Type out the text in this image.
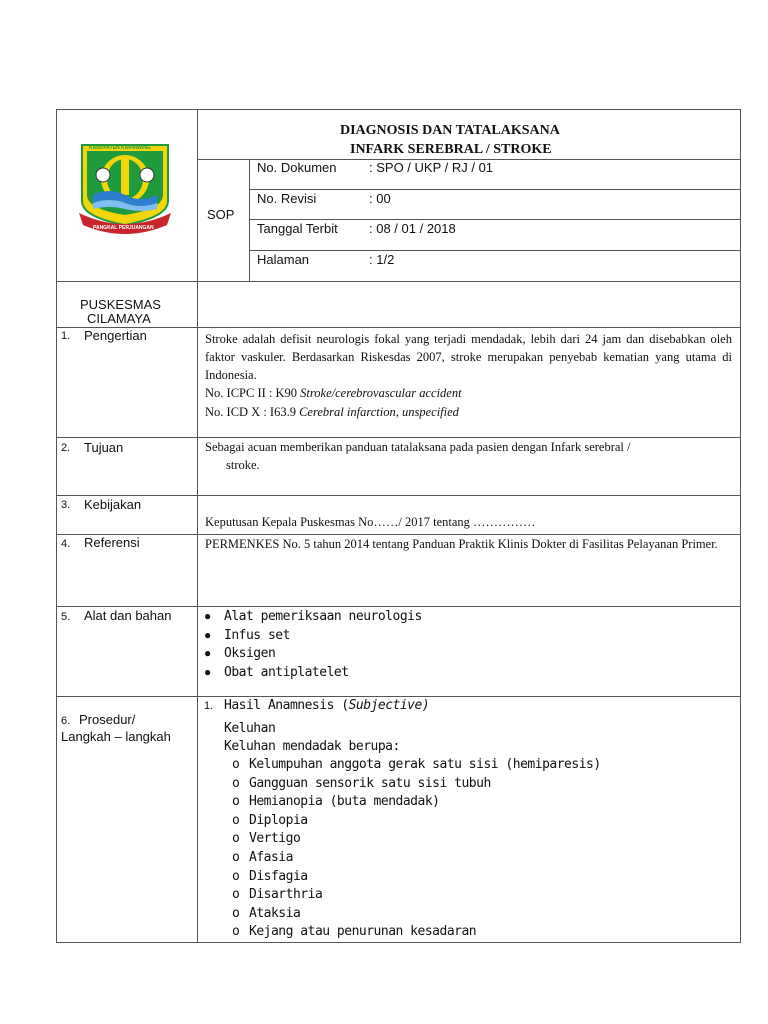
KABUPATEN KARAWANG
PANGKAL PERJUANGAN
DIAGNOSIS DAN TATALAKSANA
INFARK SEREBRAL / STROKE
SOP
No. Dokumen	: SPO / UKP / RJ / 01
No. Revisi	: 00
Tanggal Terbit : 08 / 01 / 2018
Halaman	: 1/2
PUSKESMAS
CILAMAYA
1. Pengertian	Stroke adalah defisit neurologis fokal yang terjadi mendadak, lebih dari 24 jam dan disebabkan oleh faktor vaskuler. Berdasarkan Riskesdas 2007, stroke merupakan penyebab kematian yang utama di Indonesia.

No. ICPC II : K90 Stroke/cerebrovascular accident
No. ICD X : I63.9 Cerebral infarction, unspecified
2. Tujuan	Sebagai acuan memberikan panduan tatalaksana pada pasien dengan Infark serebral /
stroke.
3. Kebijakan
Keputusan Kepala Puskesmas No……/ 2017 tentang ……………
4. Referensi	PERMENKES No. 5 tahun 2014 tentang Panduan Praktik Klinis Dokter di Fasilitas Pelayanan Primer.

5. Alat dan bahan	● Alat pemeriksaan neurologis
● Infus set
● Oksigen
● Obat antiplatelet
6. Prosedur/
Langkah – langkah
1. Hasil Anamnesis (Subjective)
Keluhan
Keluhan mendadak berupa:
o Kelumpuhan anggota gerak satu sisi (hemiparesis)
o Gangguan sensorik satu sisi tubuh
o Hemianopia (buta mendadak)
o Diplopia
o Vertigo
o Afasia
o Disfagia
o Disarthria
o Ataksia
o Kejang atau penurunan kesadaran
